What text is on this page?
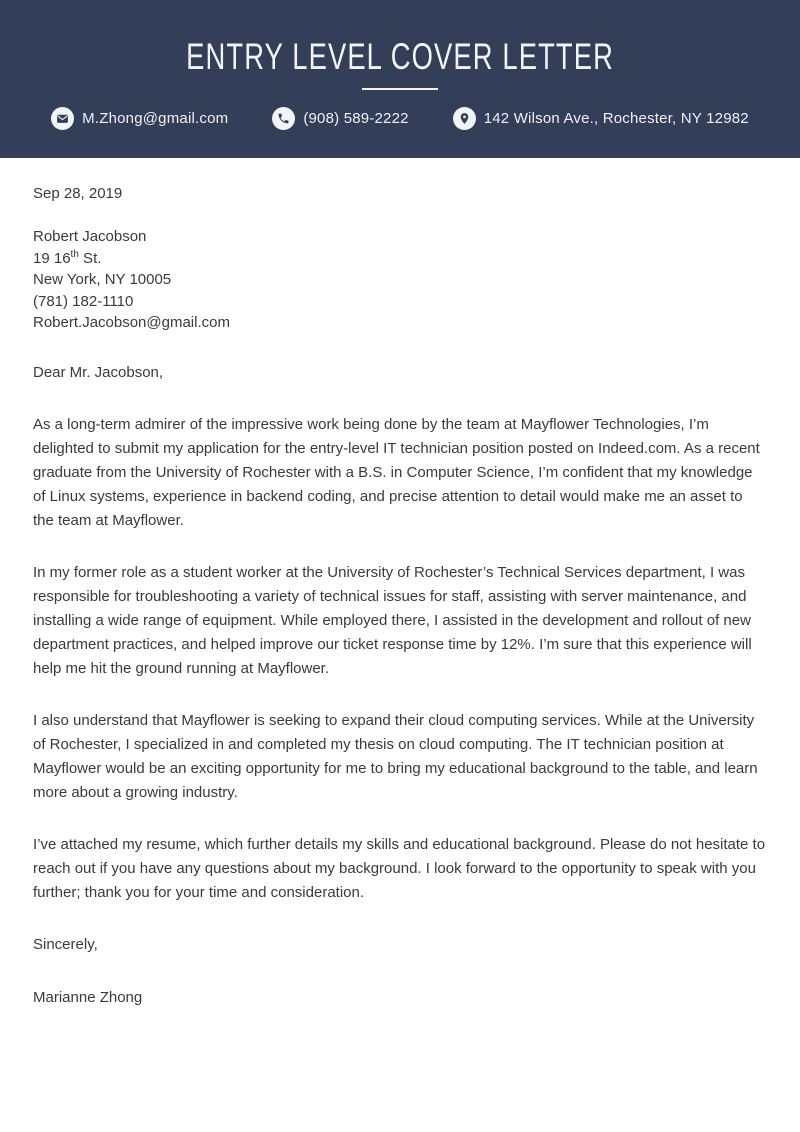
ENTRY LEVEL COVER LETTER
M.Zhong@gmail.com	(908) 589-2222	142 Wilson Ave., Rochester, NY 12982
Sep 28, 2019
Robert Jacobson
19 16th St.
New York, NY 10005
(781) 182-1110
Robert.Jacobson@gmail.com
Dear Mr. Jacobson,

As a long-term admirer of the impressive work being done by the team at Mayflower Technologies, I’m delighted to submit my application for the entry-level IT technician position posted on Indeed.com. As a recent graduate from the University of Rochester with a B.S. in Computer Science, I’m confident that my knowledge of Linux systems, experience in backend coding, and precise attention to detail would make me an asset to the team at Mayflower.

In my former role as a student worker at the University of Rochester’s Technical Services department, I was responsible for troubleshooting a variety of technical issues for staff, assisting with server maintenance, and installing a wide range of equipment. While employed there, I assisted in the development and rollout of new department practices, and helped improve our ticket response time by 12%. I’m sure that this experience will help me hit the ground running at Mayflower.

I also understand that Mayflower is seeking to expand their cloud computing services. While at the University of Rochester, I specialized in and completed my thesis on cloud computing. The IT technician position at Mayflower would be an exciting opportunity for me to bring my educational background to the table, and learn more about a growing industry.

I’ve attached my resume, which further details my skills and educational background. Please do not hesitate to reach out if you have any questions about my background. I look forward to the opportunity to speak with you further; thank you for your time and consideration.

Sincerely,
Marianne Zhong
